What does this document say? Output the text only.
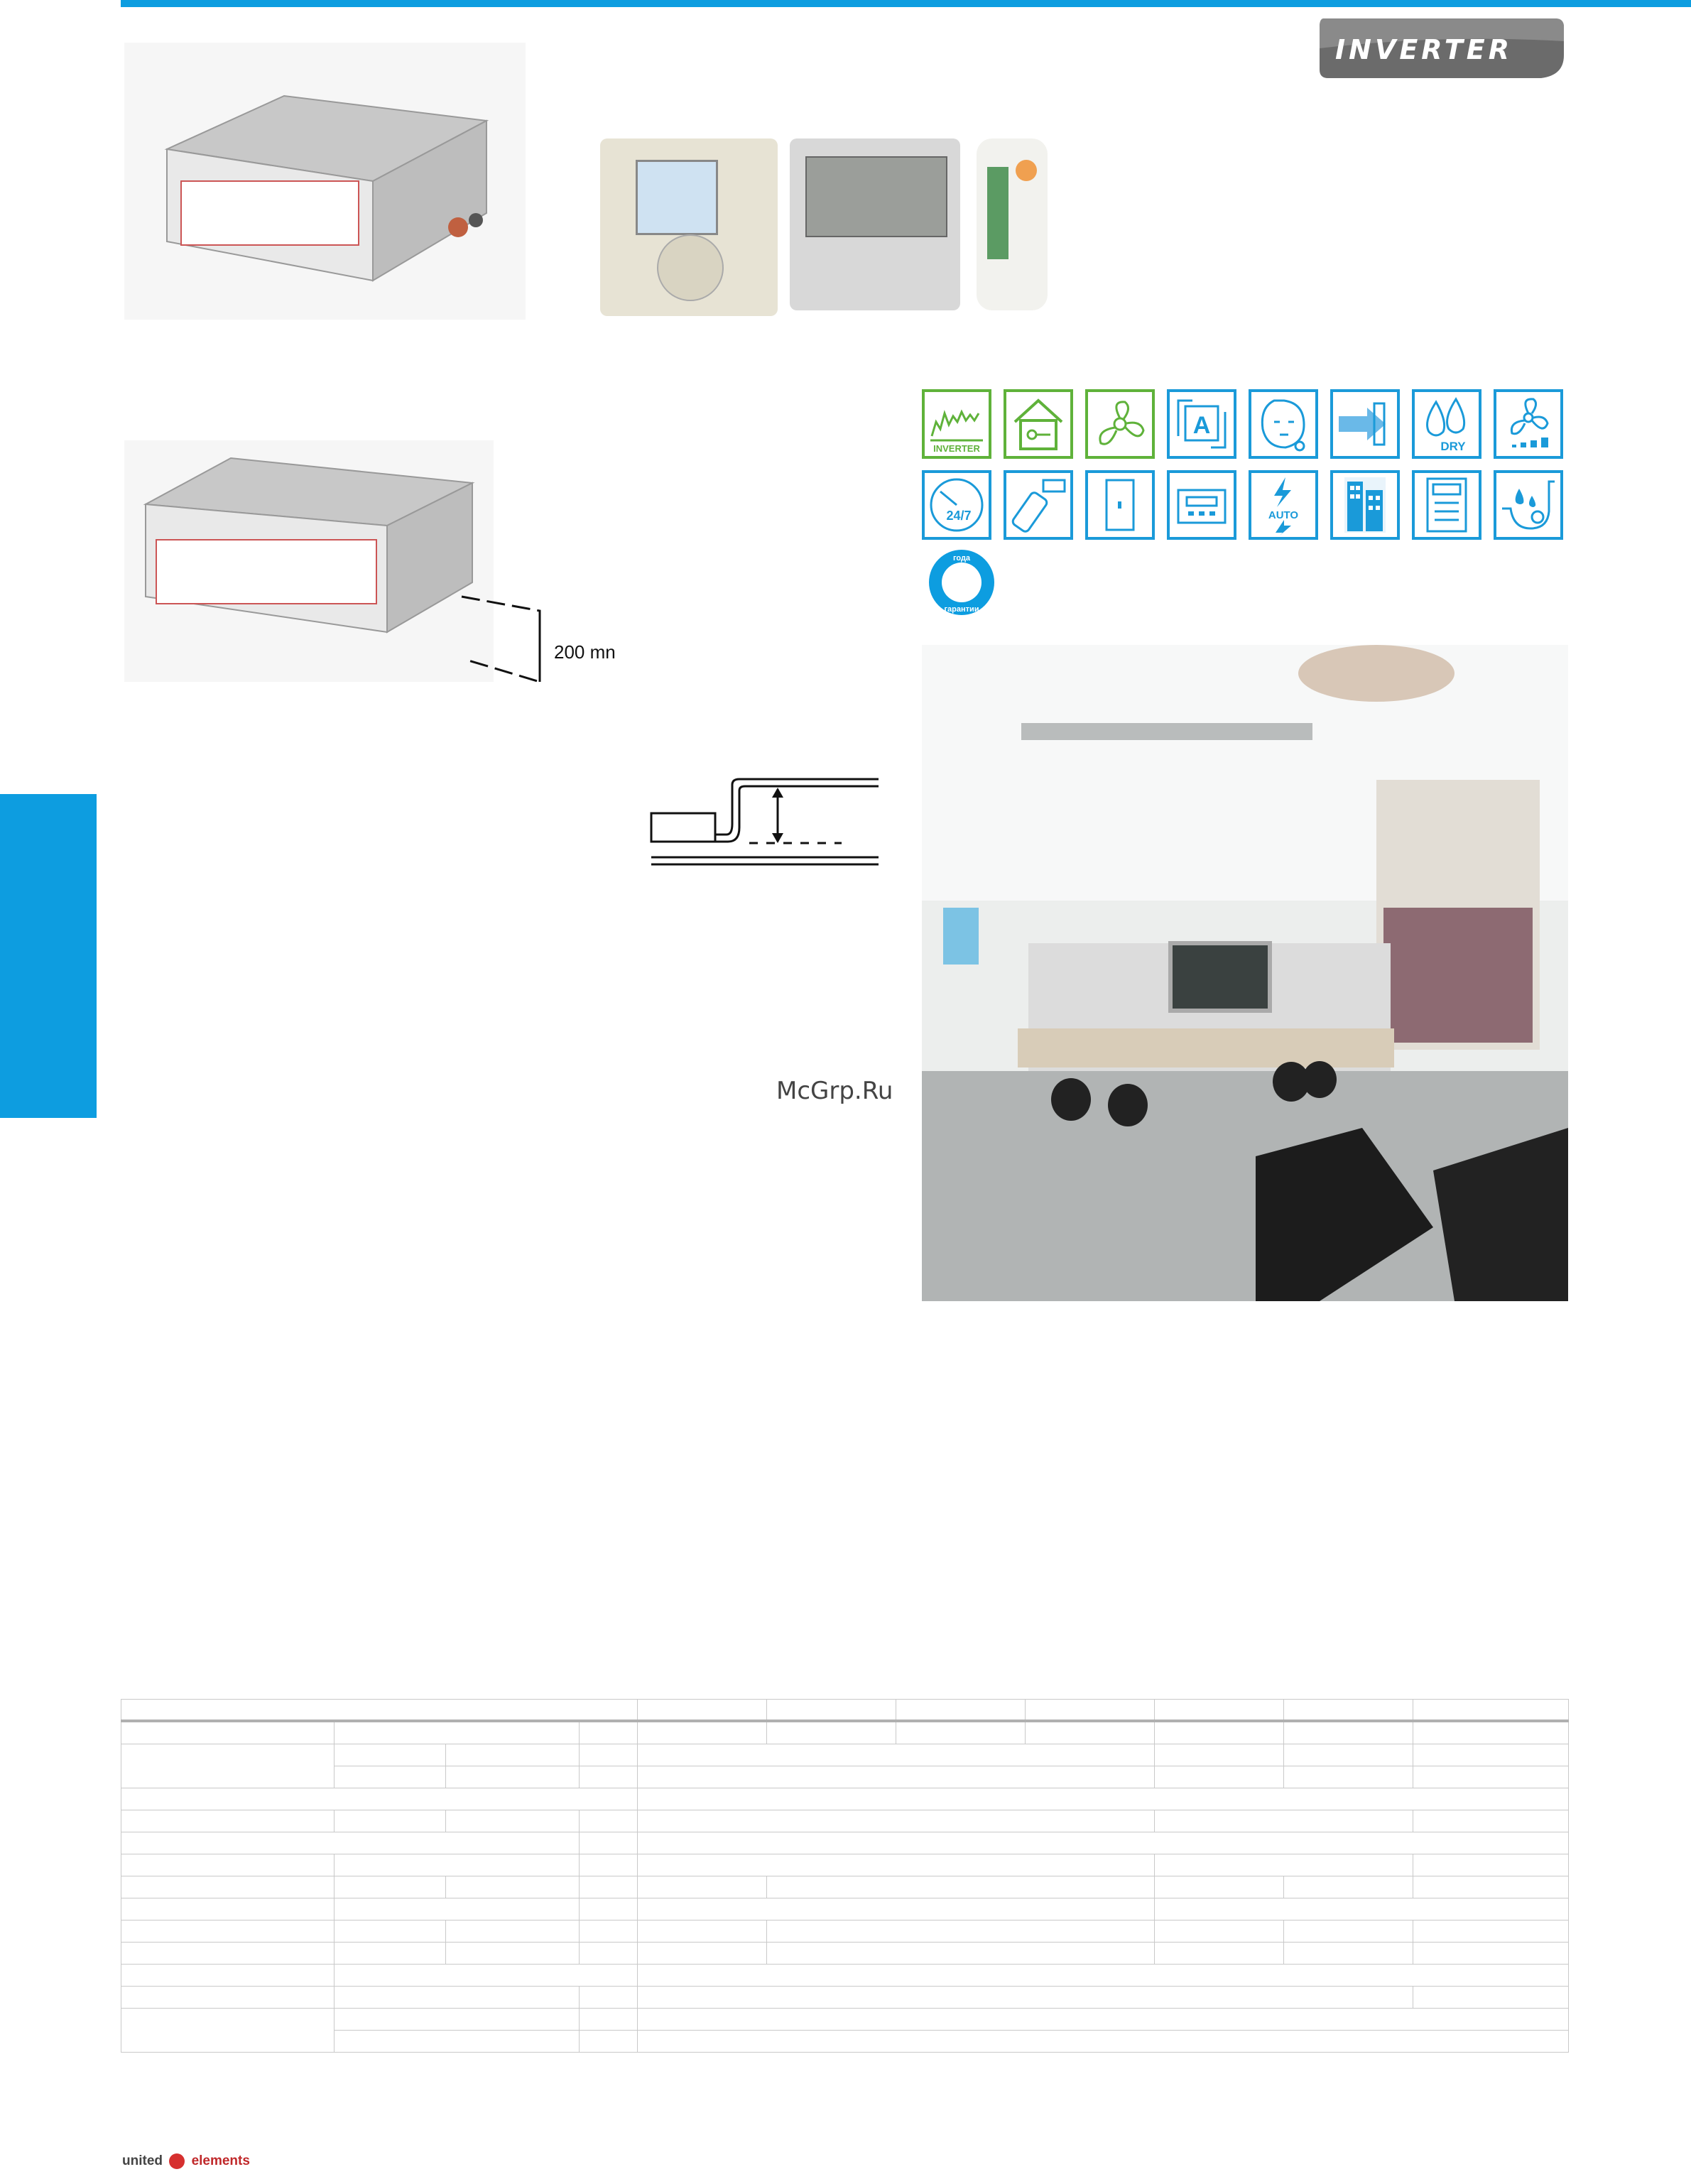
INVERTER
200 mn
INVERTER
A
DRY
24/7	AUTO
года
гарантии
McGrp.Ru

united elements
